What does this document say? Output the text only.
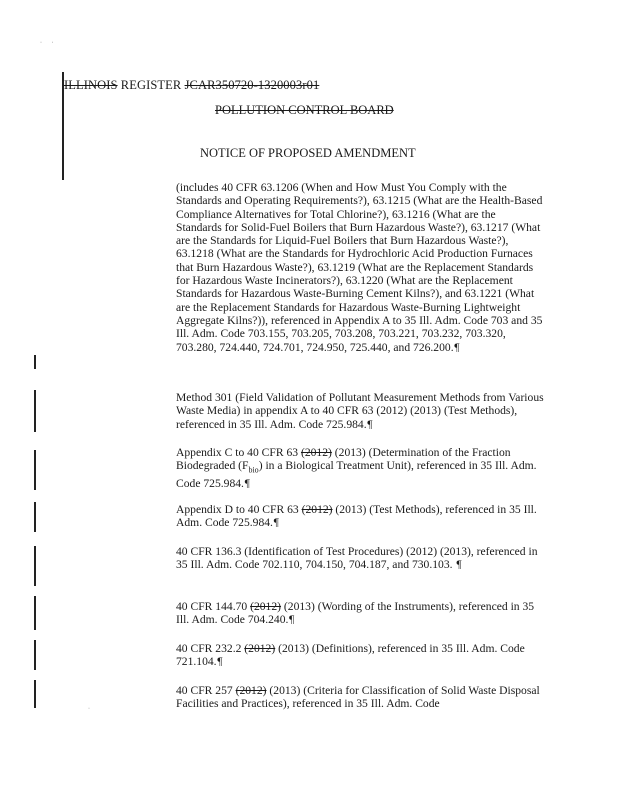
· ·
ILLINOIS REGISTER JCAR350720-1320003r01
POLLUTION CONTROL BOARD
NOTICE OF PROPOSED AMENDMENT
(includes 40 CFR 63.1206 (When and How Must You Comply with the Standards and Operating Requirements?), 63.1215 (What are the Health-Based Compliance Alternatives for Total Chlorine?), 63.1216 (What are the Standards for Solid-Fuel Boilers that Burn Hazardous Waste?), 63.1217 (What are the Standards for Liquid-Fuel Boilers that Burn Hazardous Waste?), 63.1218 (What are the Standards for Hydrochloric Acid Production Furnaces that Burn Hazardous Waste?), 63.1219 (What are the Replacement Standards for Hazardous Waste Incinerators?), 63.1220 (What are the Replacement Standards for Hazardous Waste-Burning Cement Kilns?), and 63.1221 (What are the Replacement Standards for Hazardous Waste-Burning Lightweight Aggregate Kilns?)), referenced in Appendix A to 35 Ill. Adm. Code 703 and 35 Ill. Adm. Code 703.155, 703.205, 703.208, 703.221, 703.232, 703.320, 703.280, 724.440, 724.701, 724.950, 725.440, and 726.200.¶
Method 301 (Field Validation of Pollutant Measurement Methods from Various Waste Media) in appendix A to 40 CFR 63 (2012) (2013) (Test Methods), referenced in 35 Ill. Adm. Code 725.984.¶
Appendix C to 40 CFR 63 (2012) (2013) (Determination of the Fraction Biodegraded $(F_{bio})$ in a Biological Treatment Unit), referenced in 35 Ill. Adm. Code 725.984.¶
Appendix D to 40 CFR 63 (2012) (2013) (Test Methods), referenced in 35 Ill. Adm. Code 725.984.¶
40 CFR 136.3 (Identification of Test Procedures) (2012) (2013), referenced in 35 Ill. Adm. Code 702.110, 704.150, 704.187, and 730.103. ¶
40 CFR 144.70 (2012) (2013) (Wording of the Instruments), referenced in 35 Ill. Adm. Code 704.240.¶
40 CFR 232.2 (2012) (2013) (Definitions), referenced in 35 Ill. Adm. Code 721.104.¶
40 CFR 257 (2012) (2013) (Criteria for Classification of Solid Waste Disposal Facilities and Practices), referenced in 35 Ill. Adm. Code
·
